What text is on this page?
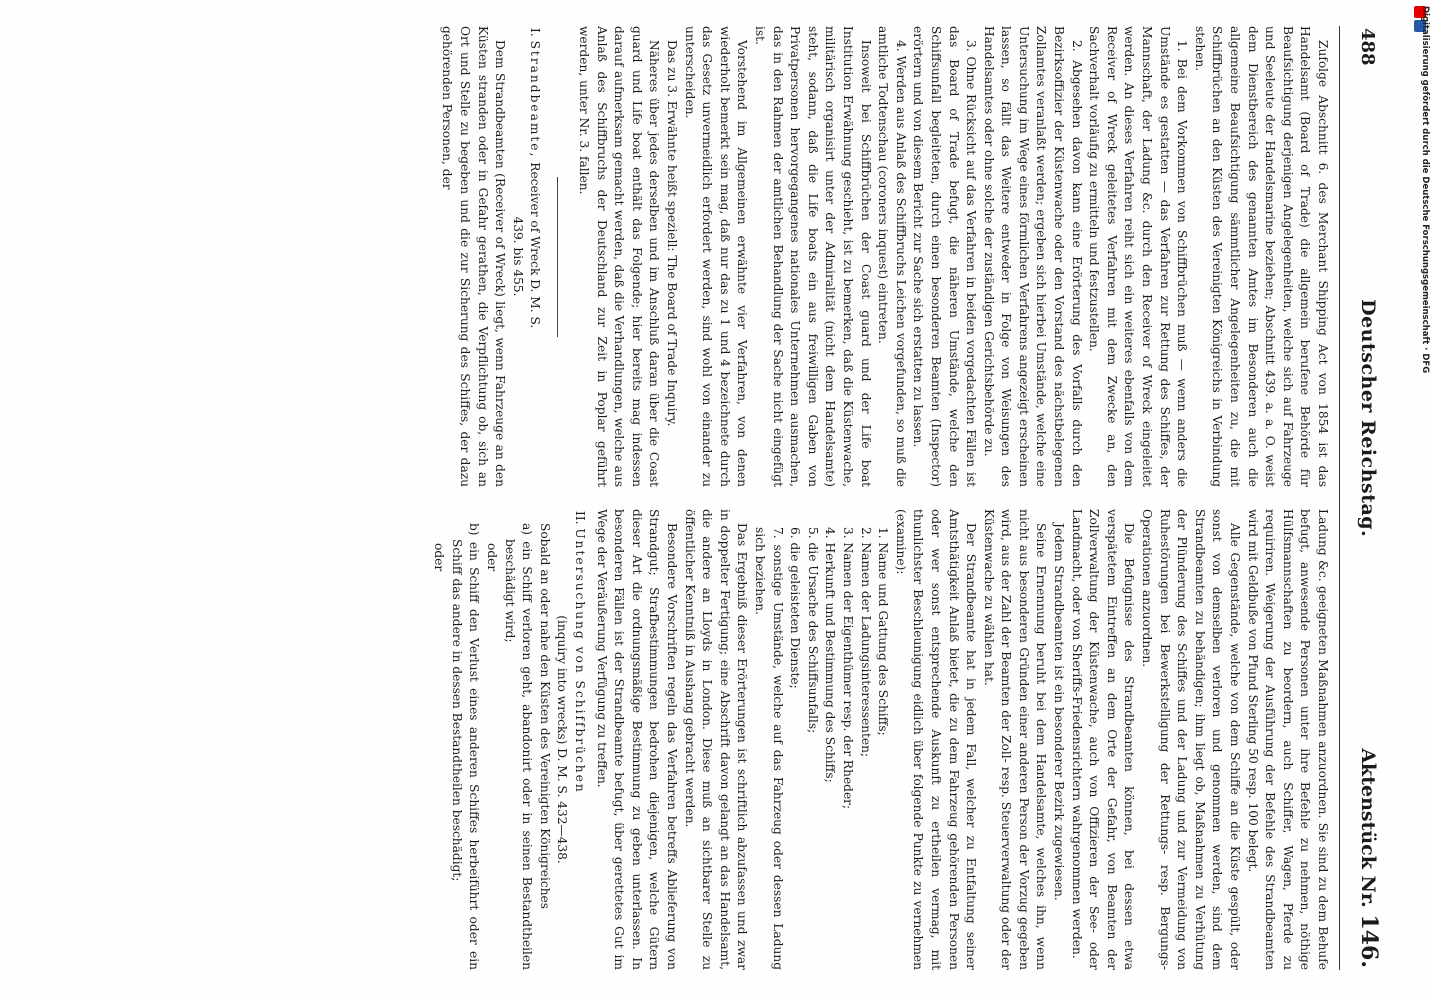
488
Deutscher Reichstag.
Aktenstück Nr. 146.

Zufolge Abschnitt 6. des Merchant Shipping Act von 1854 ist das Handelsamt (Board of Trade) die allgemein berufene Behörde für Beaufsichtigung derjenigen Angelegenheiten, welche sich auf Fahrzeuge und Seeleute der Handelsmarine beziehen; Abschnitt 439. a. a. O. weist dem Dienstbereich des genannten Amtes im Besonderen auch die allgemeine Beaufsichtigung sämmtlicher Angelegenheiten zu, die mit Schiffbrüchen an den Küsten des Vereinigten Königreichs in Verbindung stehen.

1. Bei dem Vorkommen von Schiffbrüchen muß — wenn anders die Umstände es gestatten — das Verfahren zur Rettung des Schiffes, der Mannschaft, der Ladung &c. durch den Receiver of Wreck eingeleitet werden. An dieses Verfahren reiht sich ein weiteres ebenfalls von dem Receiver of Wreck geleitetes Verfahren mit dem Zwecke an, den Sachverhalt vorläufig zu ermitteln und festzustellen.

2. Abgesehen davon kann eine Erörterung des Vorfalls durch den Bezirksoffizier der Küstenwache oder den Vorstand des nächstbelegenen Zollamtes veranlaßt werden; ergeben sich hierbei Umstände, welche eine Untersuchung im Wege eines förmlichen Verfahrens angezeigt erscheinen lassen, so fällt das Weitere entweder in Folge von Weisungen des Handelsamtes oder ohne solche der zuständigen Gerichtsbehörde zu.

3. Ohne Rücksicht auf das Verfahren in beiden vorgedachten Fällen ist das Board of Trade befugt, die näheren Umstände, welche den Schiffsunfall begleiteten, durch einen besonderen Beamten (Inspector) erörtern und von diesem Bericht zur Sache sich erstatten zu lassen.

4. Werden aus Anlaß des Schiffbruchs Leichen vorgefunden, so muß die amtliche Todtenschau (coroners inquest) eintreten.

Insoweit bei Schiffbrüchen der Coast guard und der Life boat Institution Erwähnung geschieht, ist zu bemerken, daß die Küstenwache, militärisch organisirt unter der Admiralität (nicht dem Handelsamte) steht, sodann, daß die Life boats ein aus freiwilligen Gaben von Privatpersonen hervorgegangenes nationales Unternehmen ausmachen, das in den Rahmen der amtlichen Behandlung der Sache nicht eingefügt ist.

Vorstehend im Allgemeinen erwähnte vier Verfahren, von denen wiederholt bemerkt sein mag, daß nur das zu 1 und 4 bezeichnete durch das Gesetz unvermeidlich erfordert werden, sind wohl von einander zu unterscheiden.

Das zu 3. Erwähnte heißt speziell: The Board of Trade Inquiry.

Näheres über jedes derselben und im Anschluß daran über die Coast guard und Life boat enthält das Folgende; hier bereits mag indessen darauf aufmerksam gemacht werden, daß die Verhandlungen, welche aus Anlaß des Schiffbruchs der Deutschland zur Zeit in Poplar geführt werden, unter Nr. 3. fallen.

I. Strandbeamte, Receiver of Wreck D. M. S.

439. bis 455.

Dem Strandbeamten (Receiver of Wreck) liegt, wenn Fahrzeuge an den Küsten stranden oder in Gefahr gerathen, die Verpflichtung ob, sich an Ort und Stelle zu begeben und die zur Sicherung des Schiffes, der dazu gehörenden Personen, der

Ladung &c. geeigneten Maßnahmen anzuordnen. Sie sind zu dem Behufe befugt, anwesende Personen unter ihre Befehle zu nehmen, nöthige Hülfsmannschaften zu beordern, auch Schiffer, Wagen, Pferde zu requiriren. Weigerung der Ausführung der Befehle des Strandbeamten wird mit Geldbuße von Pfund Sterling 50 resp. 100 belegt.

Alle Gegenstände, welche von dem Schiffe an die Küste gespült, oder sonst von demselben verloren und genommen werden, sind dem Strandbeamten zu behändigen; ihm liegt ob, Maßnahmen zu Verhütung der Plünderung des Schiffes und der Ladung und zur Vermeidung von Ruhestörungen bei Bewerkstelligung der Rettungs- resp. Bergungs-Operationen anzuordnen.

Die Befugnisse des Strandbeamten können, bei dessen etwa verspätetem Eintreffen an dem Orte der Gefahr, von Beamten der Zollverwaltung der Küstenwache, auch von Offizieren der See- oder Landmacht, oder von Sheriffs-Friedensrichtern wahrgenommen werden.

Jedem Strandbeamten ist ein besonderer Bezirk zugewiesen.

Seine Ernennung beruht bei dem Handelsamte, welches ihn, wenn nicht aus besonderen Gründen einer anderen Person der Vorzug gegeben wird, aus der Zahl der Beamten der Zoll- resp. Steuerverwaltung oder der Küstenwache zu wählen hat.

Der Strandbeamte hat in jedem Fall, welcher zu Entfaltung seiner Amtsthätigkeit Anlaß bietet, die zu dem Fahrzeug gehörenden Personen oder wer sonst entsprechende Auskunft zu ertheilen vermag, mit thunlichster Beschleunigung eidlich über folgende Punkte zu vernehmen (examine):

1. Name und Gattung des Schiffs;

2. Namen der Ladungsinteressenten;

3. Namen der Eigenthümer resp. der Rheder;

4. Herkunft und Bestimmung des Schiffs;

5. die Ursache des Schiffsunfalls;

6. die geleisteten Dienste;

7. sonstige Umstände, welche auf das Fahrzeug oder dessen Ladung sich beziehen.

Das Ergebniß dieser Erörterungen ist schriftlich abzufassen und zwar in doppelter Fertigung; eine Abschrift davon gelangt an das Handelsamt, die andere an Lloyds in London. Diese muß an sichtbarer Stelle zu öffentlicher Kenntniß in Aushang gebracht werden.

Besondere Vorschriften regeln das Verfahren betreffs Ablieferung von Strandgut; Strafbestimmungen bedrohen diejenigen, welche Gütern dieser Art die ordnungsmäßige Bestimmung zu geben unterlassen. In besonderen Fällen ist der Strandbeamte befugt, über gerettetes Gut im Wege der Veräußerung Verfügung zu treffen.

II. Untersuchung von Schiffbrüchen

(inquiry into wrecks) D. M. S. 432—438.

Sobald an oder nahe den Küsten des Vereinigten Königreiches

a) ein Schiff verloren geht, abandonirt oder in seinen Bestandtheilen beschädigt wird;

oder

b) ein Schiff den Verlust eines anderen Schiffes herbeiführt oder ein Schiff das andere in dessen Bestandtheilen beschädigt;

oder

Digitalisierung gefördert durch die Deutsche Forschungsgemeinschaft · DFG
